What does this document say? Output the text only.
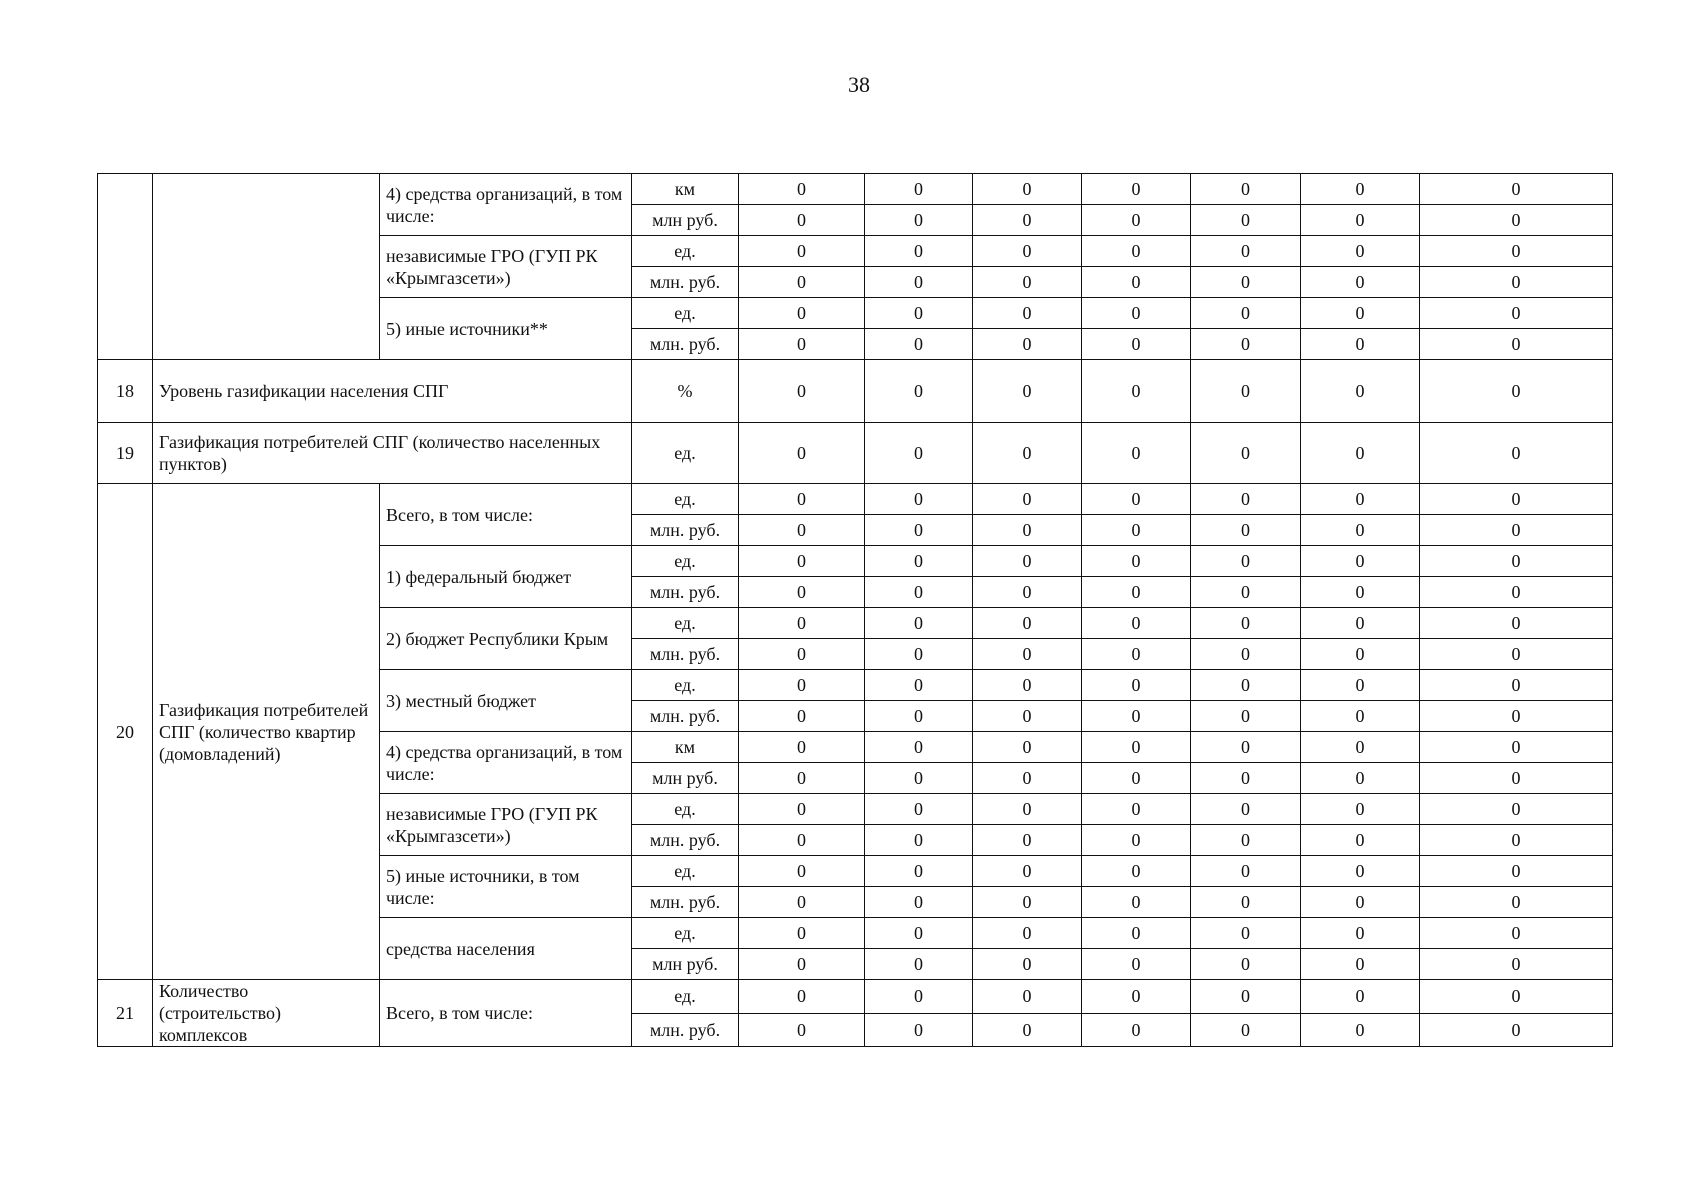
38
		4) средства организаций, в том числе:	км	0	0	0	0	0	0	0
			млн руб.	0	0	0	0	0	0	0
		независимые ГРО (ГУП РК «Крымгазсети»)	ед.	0	0	0	0	0	0	0
			млн. руб.	0	0	0	0	0	0	0
		5) иные источники**	ед.	0	0	0	0	0	0	0
			млн. руб.	0	0	0	0	0	0	0
18	Уровень газификации населения СПГ		%	0	0	0	0	0	0	0
19	Газификация потребителей СПГ (количество населенных пунктов)		ед.	0	0	0	0	0	0	0
20	Газификация потребителей СПГ (количество квартир (домовладений)	Всего, в том числе:	ед.	0	0	0	0	0	0	0
			млн. руб.	0	0	0	0	0	0	0
		1) федеральный бюджет	ед.	0	0	0	0	0	0	0
			млн. руб.	0	0	0	0	0	0	0
		2) бюджет Республики Крым	ед.	0	0	0	0	0	0	0
			млн. руб.	0	0	0	0	0	0	0
		3) местный бюджет	ед.	0	0	0	0	0	0	0
			млн. руб.	0	0	0	0	0	0	0
		4) средства организаций, в том числе:	км	0	0	0	0	0	0	0
			млн руб.	0	0	0	0	0	0	0
		независимые ГРО (ГУП РК «Крымгазсети»)	ед.	0	0	0	0	0	0	0
			млн. руб.	0	0	0	0	0	0	0
		5) иные источники, в том числе:	ед.	0	0	0	0	0	0	0
			млн. руб.	0	0	0	0	0	0	0
		средства населения	ед.	0	0	0	0	0	0	0
			млн руб.	0	0	0	0	0	0	0
21	Количество (строительство) комплексов	Всего, в том числе:	ед.	0	0	0	0	0	0	0
			млн. руб.	0	0	0	0	0	0	0
